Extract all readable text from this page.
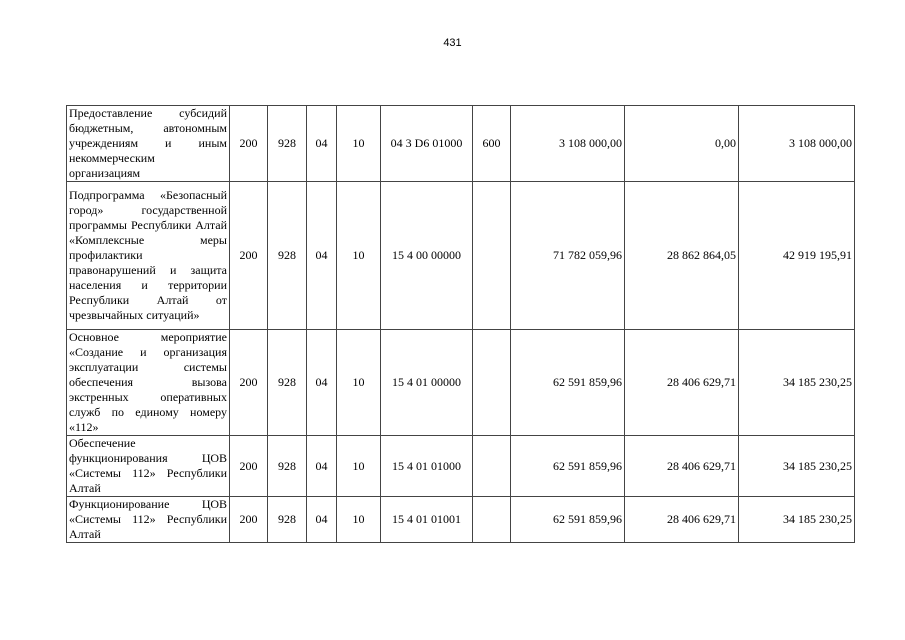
431
Предоставление субсидий бюджетным, автономным учреждениям и иным некоммерческим организациям	200	928	04	10	04 3 D6 01000	600	3 108 000,00	0,00	3 108 000,00
Подпрограмма «Безопасный город» государственной программы Республики Алтай «Комплексные меры профилактики правонарушений и защита населения и территории Республики Алтай от чрезвычайных ситуаций»	200	928	04	10	15 4 00 00000		71 782 059,96	28 862 864,05	42 919 195,91
Основное мероприятие «Создание и организация эксплуатации системы обеспечения вызова экстренных оперативных служб по единому номеру «112»	200	928	04	10	15 4 01 00000		62 591 859,96	28 406 629,71	34 185 230,25
Обеспечение функционирования ЦОВ «Системы 112» Республики Алтай	200	928	04	10	15 4 01 01000		62 591 859,96	28 406 629,71	34 185 230,25
Функционирование ЦОВ «Системы 112» Республики Алтай	200	928	04	10	15 4 01 01001		62 591 859,96	28 406 629,71	34 185 230,25
